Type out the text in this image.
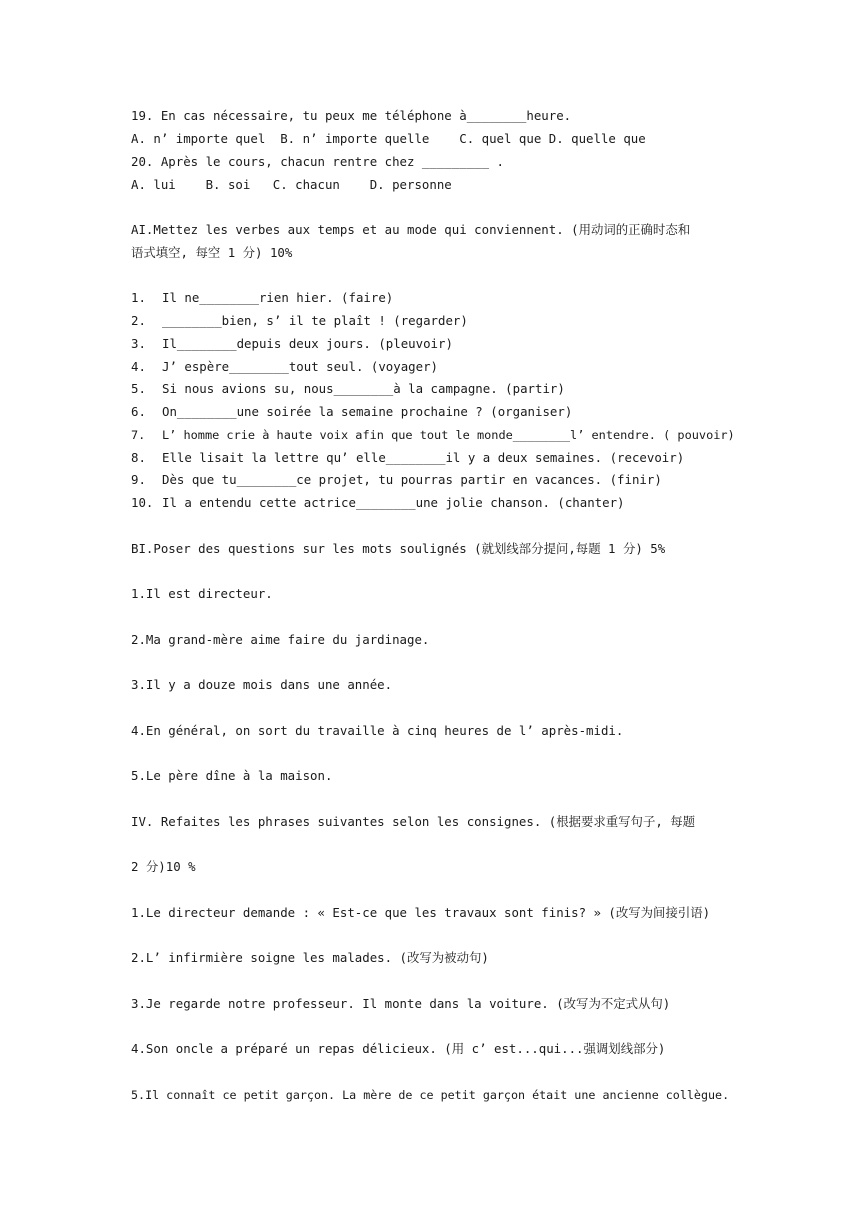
19. En cas nécessaire, tu peux me téléphone à________heure.
A. n’ importe quel  B. n’ importe quelle    C. quel que D. quelle que
20. Après le cours, chacun rentre chez _________ .
A. lui    B. soi   C. chacun    D. personne
AI.Mettez les verbes aux temps et au mode qui conviennent. (用动词的正确时态和
语式填空, 每空 1 分) 10%
1. Il ne________rien hier. (faire)
2. ________bien, s’ il te plaît ! (regarder)
3. Il________depuis deux jours. (pleuvoir)
4. J’ espère________tout seul. (voyager)
5. Si nous avions su, nous________à la campagne. (partir)
6. On________une soirée la semaine prochaine ? (organiser)
7. L’ homme crie à haute voix afin que tout le monde________l’ entendre. ( pouvoir)
8. Elle lisait la lettre qu’ elle________il y a deux semaines. (recevoir)
9. Dès que tu________ce projet, tu pourras partir en vacances. (finir)
10. Il a entendu cette actrice________une jolie chanson. (chanter)
BI.Poser des questions sur les mots soulignés (就划线部分提问,每题 1 分) 5%
1.Il est directeur.
2.Ma grand-mère aime faire du jardinage.
3.Il y a douze mois dans une année.
4.En général, on sort du travaille à cinq heures de l’ après-midi.
5.Le père dîne à la maison.
IV. Refaites les phrases suivantes selon les consignes. (根据要求重写句子, 每题
2 分)10 %
1.Le directeur demande : « Est-ce que les travaux sont finis? » (改写为间接引语)
2.L’ infirmière soigne les malades. (改写为被动句)
3.Je regarde notre professeur. Il monte dans la voiture. (改写为不定式从句)
4.Son oncle a préparé un repas délicieux. (用 c’ est...qui...强调划线部分)
5.Il connaît ce petit garçon. La mère de ce petit garçon était une ancienne collègue.
